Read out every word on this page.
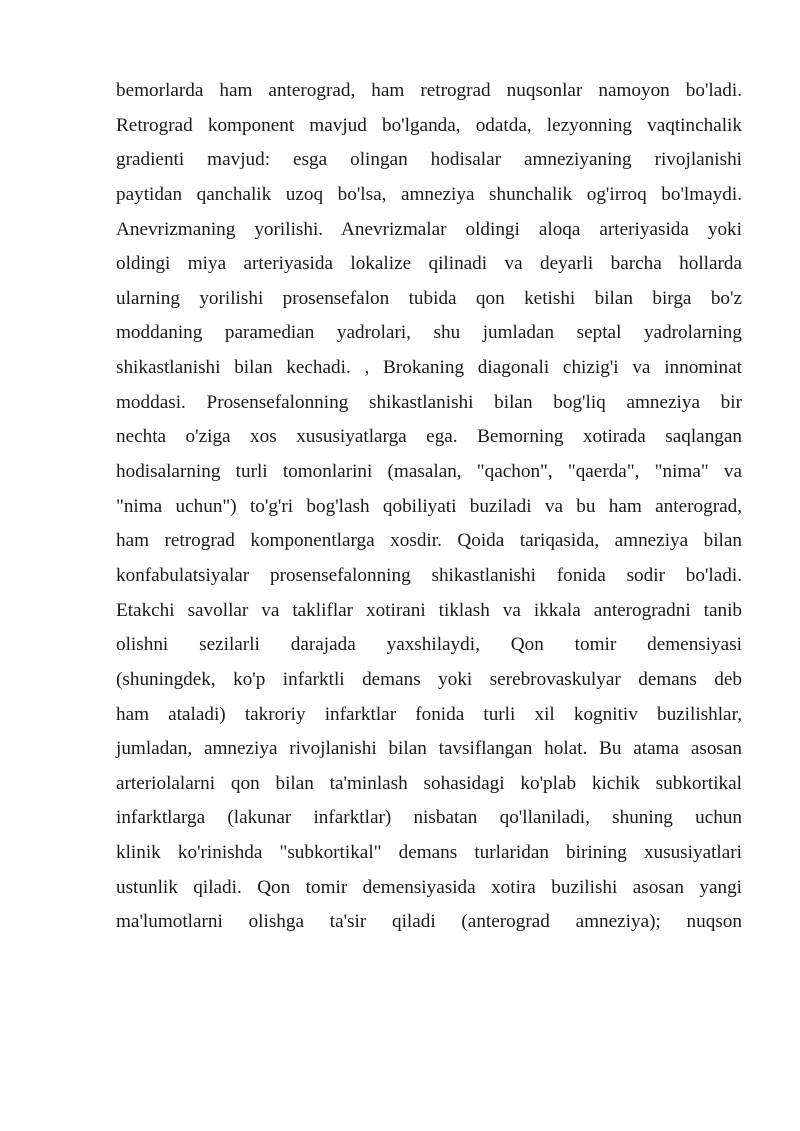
bemorlarda ham anterograd, ham retrograd nuqsonlar namoyon bo'ladi.
Retrograd komponent mavjud bo'lganda, odatda, lezyonning vaqtinchalik
gradienti mavjud: esga olingan hodisalar amneziyaning rivojlanishi
paytidan qanchalik uzoq bo'lsa, amneziya shunchalik og'irroq bo'lmaydi.
Anevrizmaning yorilishi. Anevrizmalar oldingi aloqa arteriyasida yoki
oldingi miya arteriyasida lokalize qilinadi va deyarli barcha hollarda
ularning yorilishi prosensefalon tubida qon ketishi bilan birga bo'z
moddaning paramedian yadrolari, shu jumladan septal yadrolarning
shikastlanishi bilan kechadi. , Brokaning diagonali chizig'i va innominat
moddasi. Prosensefalonning shikastlanishi bilan bog'liq amneziya bir
nechta o'ziga xos xususiyatlarga ega. Bemorning xotirada saqlangan
hodisalarning turli tomonlarini (masalan, "qachon", "qaerda", "nima" va
"nima uchun") to'g'ri bog'lash qobiliyati buziladi va bu ham anterograd,
ham retrograd komponentlarga xosdir. Qoida tariqasida, amneziya bilan
konfabulatsiyalar prosensefalonning shikastlanishi fonida sodir bo'ladi.
Etakchi savollar va takliflar xotirani tiklash va ikkala anterogradni tanib
olishni sezilarli darajada yaxshilaydi, Qon tomir demensiyasi
(shuningdek, ko'p infarktli demans yoki serebrovaskulyar demans deb
ham ataladi) takroriy infarktlar fonida turli xil kognitiv buzilishlar,
jumladan, amneziya rivojlanishi bilan tavsiflangan holat. Bu atama asosan
arteriolalarni qon bilan ta'minlash sohasidagi ko'plab kichik subkortikal
infarktlarga (lakunar infarktlar) nisbatan qo'llaniladi, shuning uchun
klinik ko'rinishda "subkortikal" demans turlaridan birining xususiyatlari
ustunlik qiladi. Qon tomir demensiyasida xotira buzilishi asosan yangi
ma'lumotlarni olishga ta'sir qiladi (anterograd amneziya); nuqson
